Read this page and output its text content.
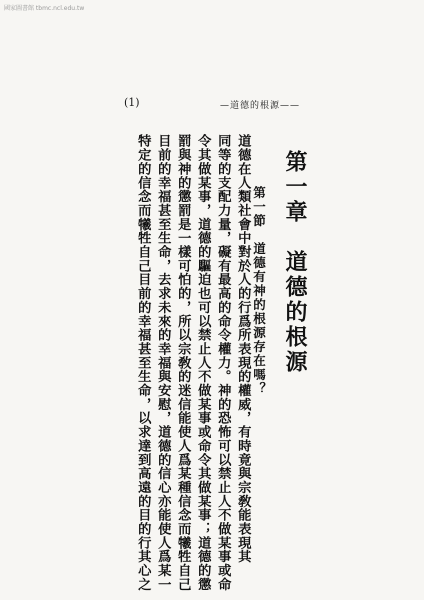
國家圖書館 tbmc.ncl.edu.tw
(1)	—道德的根源——
第一章　道德的根源
第一節　道德有神的根源存在嗎？
道德在人類社會中對於人的行爲所表現的權威，有時竟與宗敎能表現其
同等的支配力量，礙有最高的命令權力。神的恐怖可以禁止人不做某事或命
令其做某事，道德的驅迫也可以禁止人不做某事或命令其做某事；道德的懲
罰與神的懲罰是一樣可怕的，所以宗敎的迷信能使人爲某種信念而犧牲自己
目前的幸福甚至生命，去求未來的幸福與安慰，道德的信心亦能使人爲某一
特定的信念而犧牲自己目前的幸福甚至生命，以求達到高遠的目的行其心之
